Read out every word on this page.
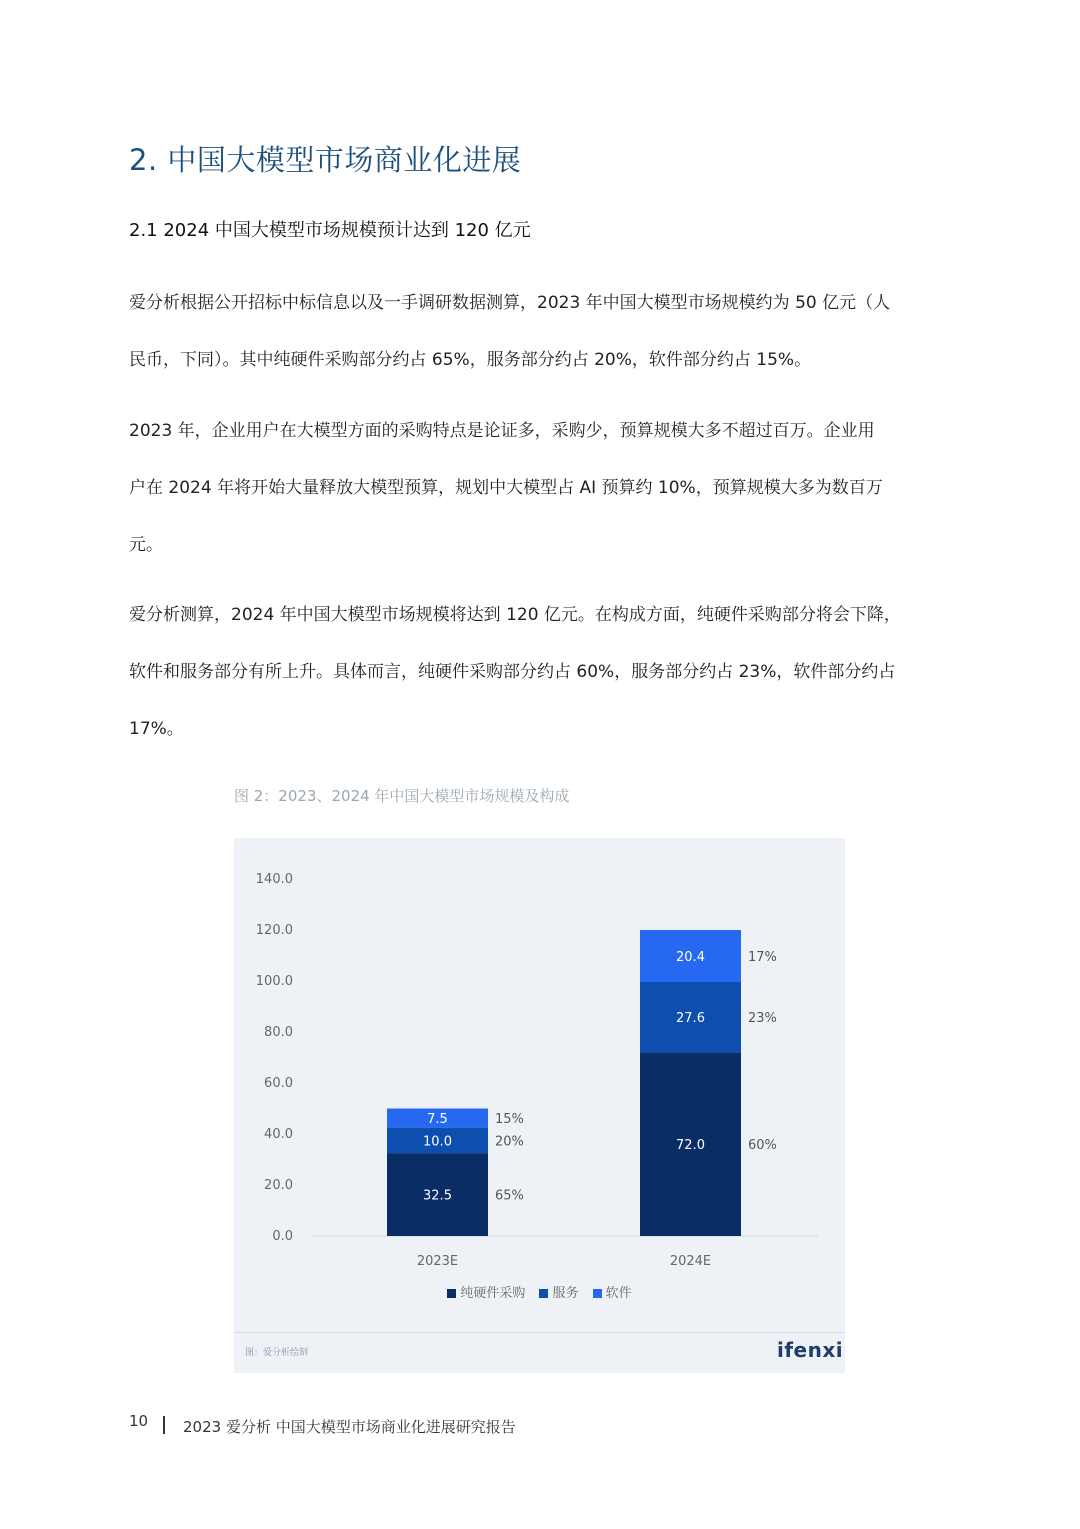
2. 中国大模型市场商业化进展
2.1 2024 中国大模型市场规模预计达到 120 亿元
爱分析根据公开招标中标信息以及一手调研数据测算，2023 年中国大模型市场规模约为 50 亿元（人
民币，下同）。其中纯硬件采购部分约占 65%，服务部分约占 20%，软件部分约占 15%。
2023 年，企业用户在大模型方面的采购特点是论证多，采购少，预算规模大多不超过百万。企业用
户在 2024 年将开始大量释放大模型预算，规划中大模型占 AI 预算约 10%，预算规模大多为数百万
元。
爱分析测算，2024 年中国大模型市场规模将达到 120 亿元。在构成方面，纯硬件采购部分将会下降，
软件和服务部分有所上升。具体而言，纯硬件采购部分约占 60%，服务部分约占 23%，软件部分约占
17%。
图 2：2023、2024 年中国大模型市场规模及构成
0.0
20.0
40.0
60.0
80.0
100.0
120.0
140.0
32.5	65%
10.0	20%
7.5	15%
2023E
72.0	60%
27.6	23%
20.4	17%
2024E
纯硬件采购 服务 软件
图：爱分析绘制	ifenxi
10 2023 爱分析 中国大模型市场商业化进展研究报告
